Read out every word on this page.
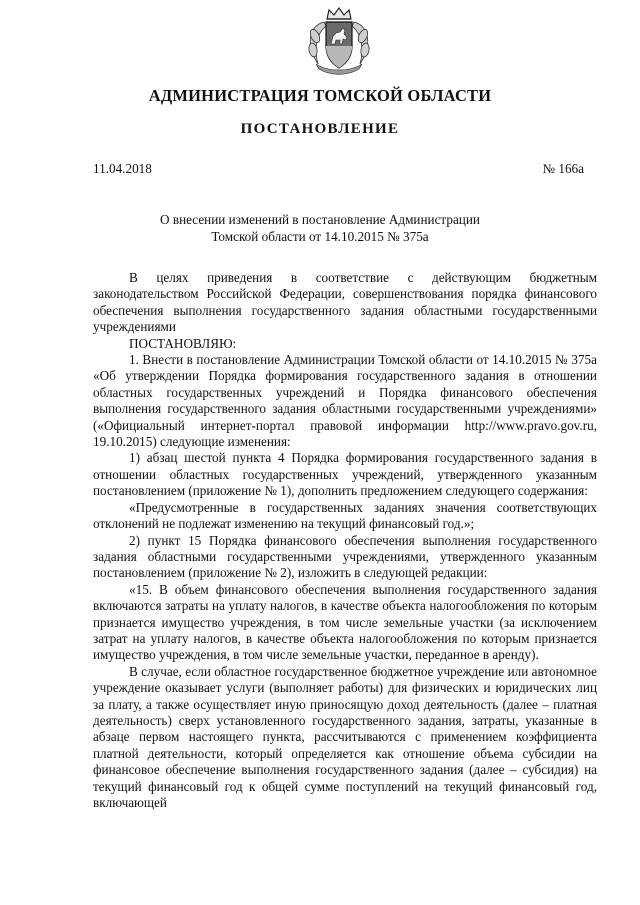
АДМИНИСТРАЦИЯ ТОМСКОЙ ОБЛАСТИ
ПОСТАНОВЛЕНИЕ
11.04.2018	№ 166а
О внесении изменений в постановление Администрации
Томской области от 14.10.2015 № 375а

В целях приведения в соответствие с действующим бюджетным законодательством Российской Федерации, совершенствования порядка финансового обеспечения выполнения государственного задания областными государственными учреждениями

ПОСТАНОВЛЯЮ:

1. Внести в постановление Администрации Томской области от 14.10.2015 № 375а «Об утверждении Порядка формирования государственного задания в отношении областных государственных учреждений и Порядка финансового обеспечения выполнения государственного задания областными государственными учреждениями» («Официальный интернет-портал правовой информации http://www.pravo.gov.ru, 19.10.2015) следующие изменения:

1) абзац шестой пункта 4 Порядка формирования государственного задания в отношении областных государственных учреждений, утвержденного указанным постановлением (приложение № 1), дополнить предложением следующего содержания:

«Предусмотренные в государственных заданиях значения соответствующих отклонений не подлежат изменению на текущий финансовый год.»;

2) пункт 15 Порядка финансового обеспечения выполнения государственного задания областными государственными учреждениями, утвержденного указанным постановлением (приложение № 2), изложить в следующей редакции:

«15. В объем финансового обеспечения выполнения государственного задания включаются затраты на уплату налогов, в качестве объекта налогообложения по которым признается имущество учреждения, в том числе земельные участки (за исключением затрат на уплату налогов, в качестве объекта налогообложения по которым признается имущество учреждения, в том числе земельные участки, переданное в аренду).

В случае, если областное государственное бюджетное учреждение или автономное учреждение оказывает услуги (выполняет работы) для физических и юридических лиц за плату, а также осуществляет иную приносящую доход деятельность (далее – платная деятельность) сверх установленного государственного задания, затраты, указанные в абзаце первом настоящего пункта, рассчитываются с применением коэффициента платной деятельности, который определяется как отношение объема субсидии на финансовое обеспечение выполнения государственного задания (далее – субсидия) на текущий финансовый год к общей сумме поступлений на текущий финансовый год, включающей
